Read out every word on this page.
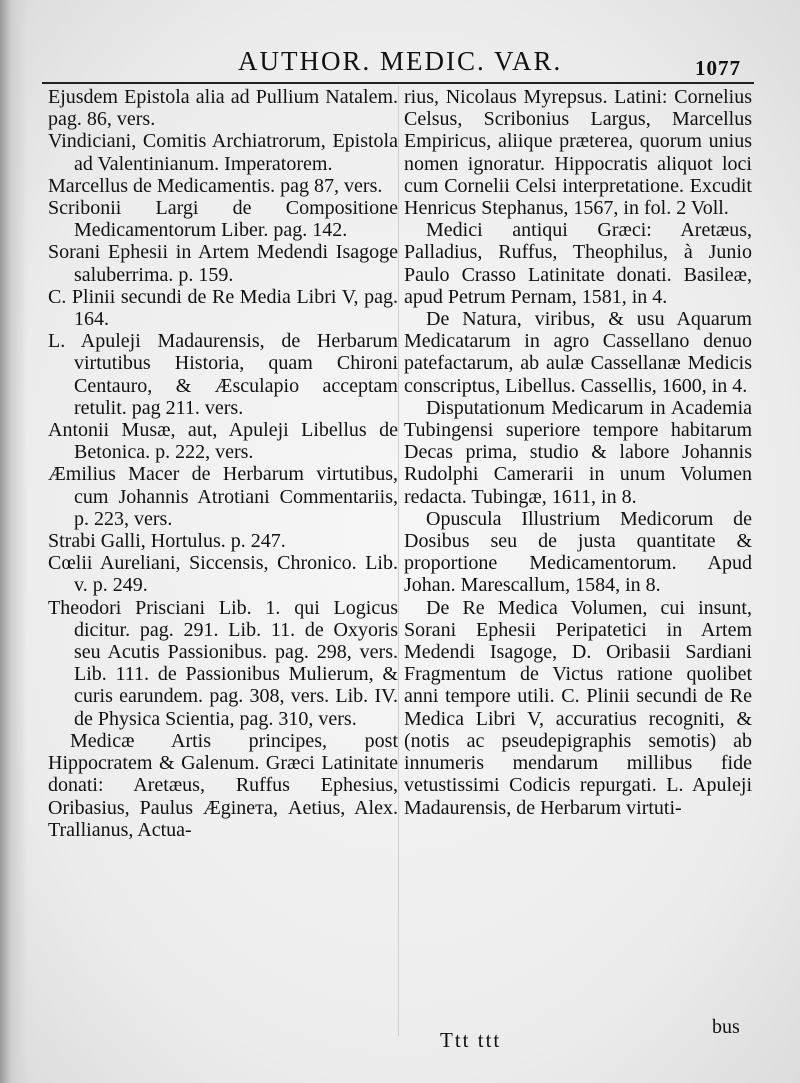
AUTHOR. MEDIC. VAR.	1077

Ejusdem Epistola alia ad Pullium Natalem. pag. 86, vers.

Vindiciani, Comitis Archiatrorum, Epistola ad Valentinianum. Imperatorem.

Marcellus de Medicamentis. pag 87, vers.

Scribonii Largi de Compositione Medicamentorum Liber. pag. 142.

Sorani Ephesii in Artem Medendi Isagoge saluberrima. p. 159.

C. Plinii secundi de Re Media Libri V, pag. 164.

L. Apuleji Madaurensis, de Herbarum virtutibus Historia, quam Chironi Centauro, & Æsculapio acceptam retulit. pag 211. vers.

Antonii Musæ, aut, Apuleji Libellus de Betonica. p. 222, vers.

Æmilius Macer de Herbarum virtutibus, cum Johannis Atrotiani Commentariis, p. 223, vers.

Strabi Galli, Hortulus. p. 247.

Cœlii Aureliani, Siccensis, Chronico. Lib. v. p. 249.

Theodori Prisciani Lib. 1. qui Logicus dicitur. pag. 291. Lib. 11. de Oxyoris seu Acutis Passionibus. pag. 298, vers. Lib. 111. de Passionibus Mulierum, & curis earundem. pag. 308, vers. Lib. IV. de Physica Scientia, pag. 310, vers.

Medicæ Artis principes, post Hippocratem & Galenum. Græci Latinitate donati: Aretæus, Ruffus Ephesius, Oribasius, Paulus Æginета, Aetius, Alex. Trallianus, Actua-

rius, Nicolaus Myrepsus. Latini: Cornelius Celsus, Scribonius Largus, Marcellus Empiricus, aliique præterea, quorum unius nomen ignoratur. Hippocratis aliquot loci cum Cornelii Celsi interpretatione. Excudit Henricus Stephanus, 1567, in fol. 2 Voll.

Medici antiqui Græci: Aretæus, Palladius, Ruffus, Theophilus, à Junio Paulo Crasso Latinitate donati. Basileæ, apud Petrum Pernam, 1581, in 4.

De Natura, viribus, & usu Aquarum Medicatarum in agro Cassellano denuo patefactarum, ab aulæ Cassellanæ Medicis conscriptus, Libellus. Cassellis, 1600, in 4.

Disputationum Medicarum in Academia Tubingensi superiore tempore habitarum Decas prima, studio & labore Johannis Rudolphi Camerarii in unum Volumen redacta. Tubingæ, 1611, in 8.

Opuscula Illustrium Medicorum de Dosibus seu de justa quantitate & proportione Medicamentorum. Apud Johan. Marescallum, 1584, in 8.

De Re Medica Volumen, cui insunt, Sorani Ephesii Peripatetici in Artem Medendi Isagoge, D. Oribasii Sardiani Fragmentum de Victus ratione quolibet anni tempore utili. C. Plinii secundi de Re Medica Libri V, accuratius recogniti, & (notis ac pseudepigraphis semotis) ab innumeris mendarum millibus fide vetustissimi Codicis repurgati. L. Apuleji Madaurensis, de Herbarum virtuti-

Ttt ttt
bus
